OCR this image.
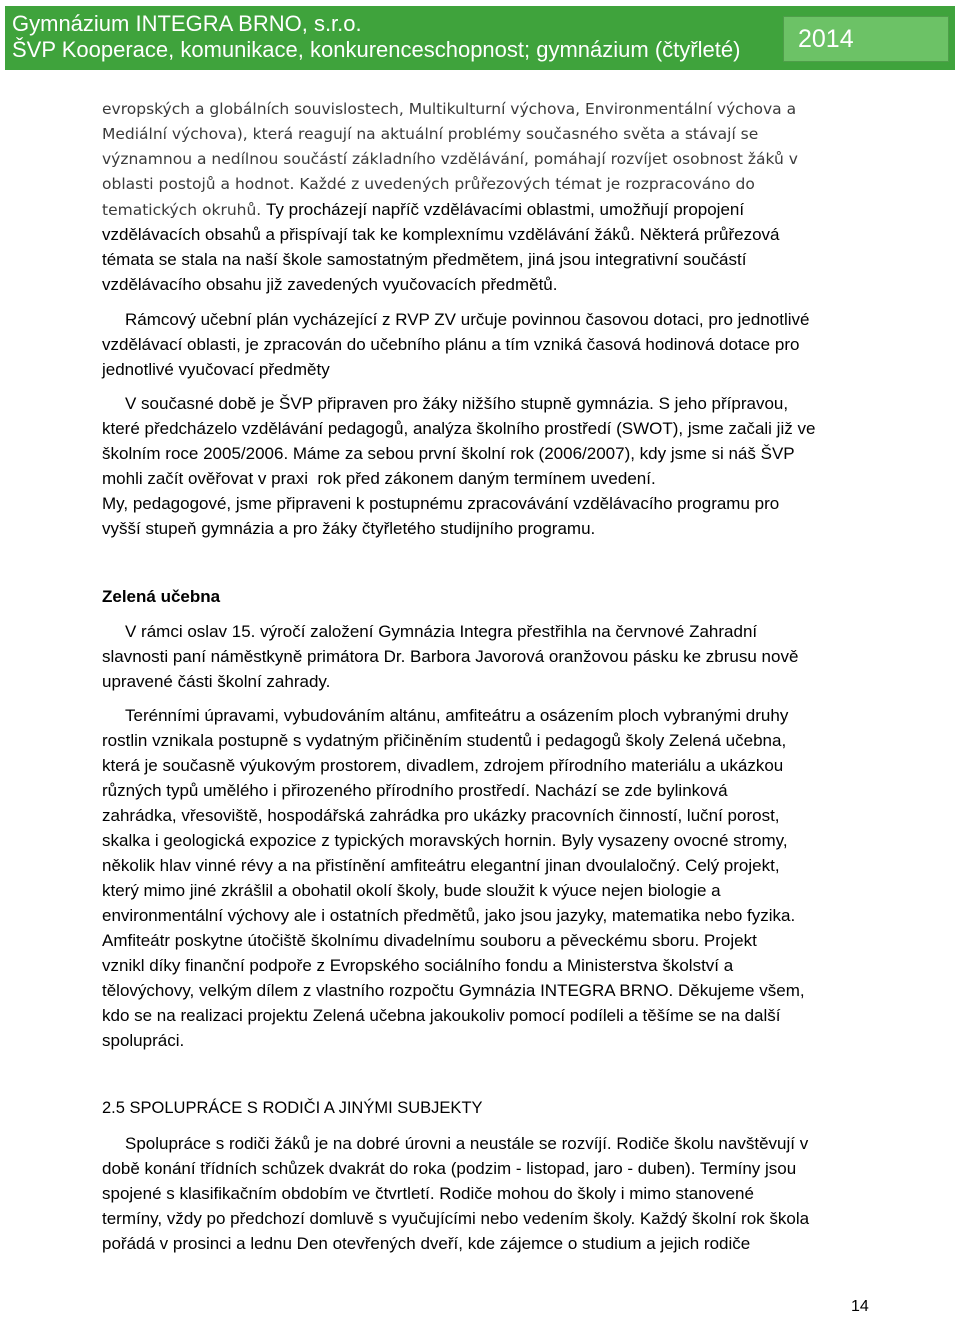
Gymnázium INTEGRA BRNO, s.r.o.
ŠVP Kooperace, komunikace, konkurenceschopnost; gymnázium (čtyřleté) 2014
evropských a globálních souvislostech, Multikulturní výchova, Environmentální výchova a
Mediální výchova), která reagují na aktuální problémy současného světa a stávají se
významnou a nedílnou součástí základního vzdělávání, pomáhají rozvíjet osobnost žáků v
oblasti postojů a hodnot. Každé z uvedených průřezových témat je rozpracováno do
tematických okruhů. Ty procházejí napříč vzdělávacími oblastmi, umožňují propojení
vzdělávacích obsahů a přispívají tak ke komplexnímu vzdělávání žáků. Některá průřezová
témata se stala na naší škole samostatným předmětem, jiná jsou integrativní součástí
vzdělávacího obsahu již zavedených vyučovacích předmětů.
Rámcový učební plán vycházející z RVP ZV určuje povinnou časovou dotaci, pro jednotlivé
vzdělávací oblasti, je zpracován do učebního plánu a tím vzniká časová hodinová dotace pro
jednotlivé vyučovací předměty
V současné době je ŠVP připraven pro žáky nižšího stupně gymnázia. S jeho přípravou,
které předcházelo vzdělávání pedagogů, analýza školního prostředí (SWOT), jsme začali již ve
školním roce 2005/2006. Máme za sebou první školní rok (2006/2007), kdy jsme si náš ŠVP
mohli začít ověřovat v praxi  rok před zákonem daným termínem uvedení.
My, pedagogové, jsme připraveni k postupnému zpracovávání vzdělávacího programu pro
vyšší stupeň gymnázia a pro žáky čtyřletého studijního programu.
Zelená učebna
V rámci oslav 15. výročí založení Gymnázia Integra přestřihla na červnové Zahradní
slavnosti paní náměstkyně primátora Dr. Barbora Javorová oranžovou pásku ke zbrusu nově
upravené části školní zahrady.
Terénními úpravami, vybudováním altánu, amfiteátru a osázením ploch vybranými druhy
rostlin vznikala postupně s vydatným přičiněním studentů i pedagogů školy Zelená učebna,
která je současně výukovým prostorem, divadlem, zdrojem přírodního materiálu a ukázkou
různých typů umělého i přirozeného přírodního prostředí. Nachází se zde bylinková
zahrádka, vřesoviště, hospodářská zahrádka pro ukázky pracovních činností, luční porost,
skalka i geologická expozice z typických moravských hornin. Byly vysazeny ovocné stromy,
několik hlav vinné révy a na přistínění amfiteátru elegantní jinan dvoulaločný. Celý projekt,
který mimo jiné zkrášlil a obohatil okolí školy, bude sloužit k výuce nejen biologie a
environmentální výchovy ale i ostatních předmětů, jako jsou jazyky, matematika nebo fyzika.
Amfiteátr poskytne útočiště školnímu divadelnímu souboru a pěveckému sboru. Projekt
vznikl díky finanční podpoře z Evropského sociálního fondu a Ministerstva školství a
tělovýchovy, velkým dílem z vlastního rozpočtu Gymnázia INTEGRA BRNO. Děkujeme všem,
kdo se na realizaci projektu Zelená učebna jakoukoliv pomocí podíleli a těšíme se na další
spolupráci.
2.5 SPOLUPRÁCE S RODIČI A JINÝMI SUBJEKTY
Spolupráce s rodiči žáků je na dobré úrovni a neustále se rozvíjí. Rodiče školu navštěvují v
době konání třídních schůzek dvakrát do roka (podzim - listopad, jaro - duben). Termíny jsou
spojené s klasifikačním obdobím ve čtvrtletí. Rodiče mohou do školy i mimo stanovené
termíny, vždy po předchozí domluvě s vyučujícími nebo vedením školy. Každý školní rok škola
pořádá v prosinci a lednu Den otevřených dveří, kde zájemce o studium a jejich rodiče
14
